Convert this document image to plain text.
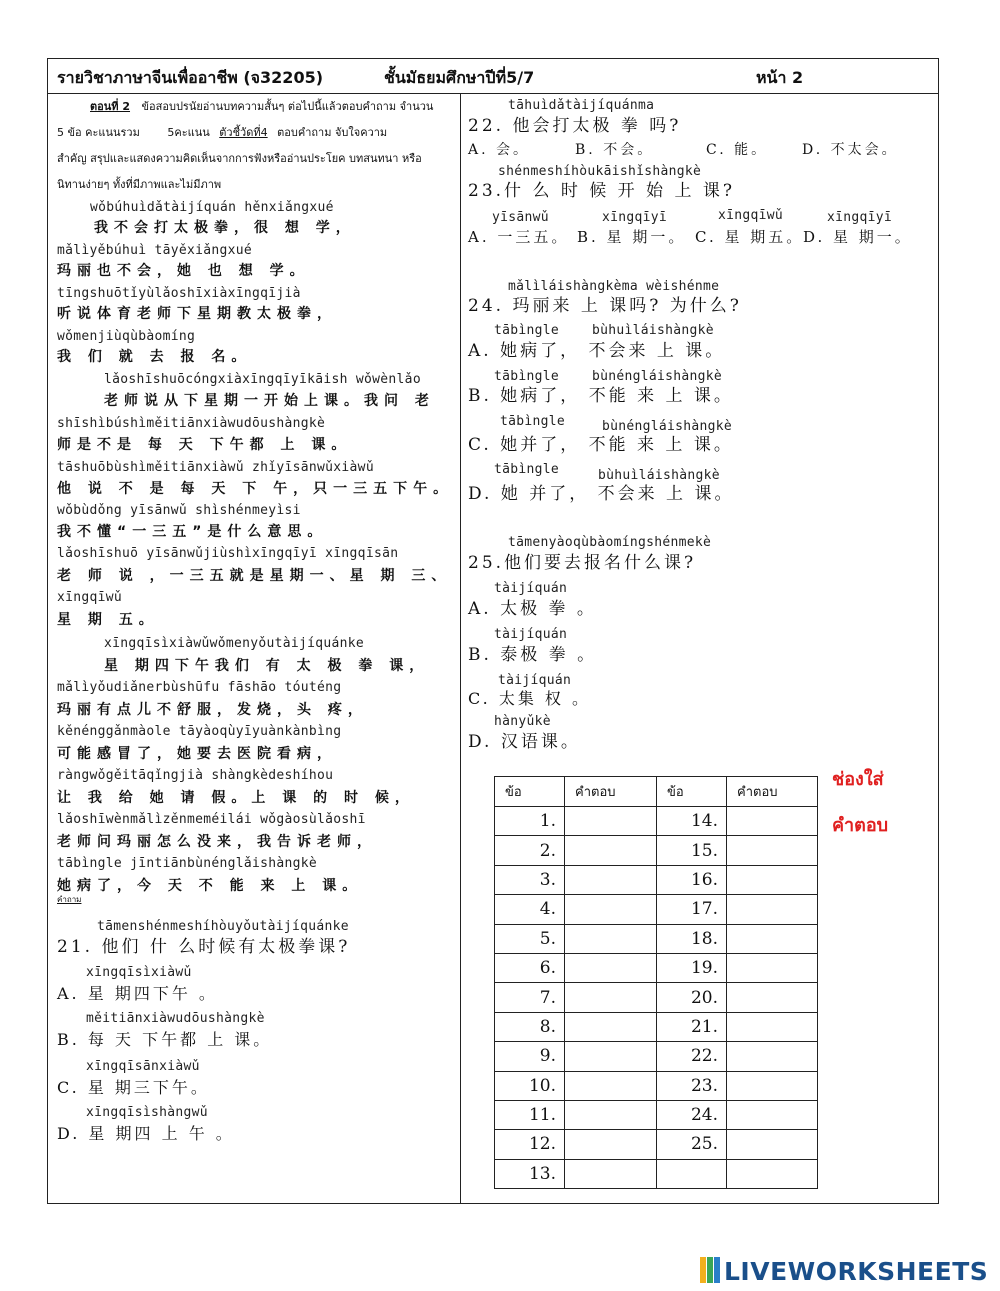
รายวิชาภาษาจีนเพื่ออาชีพ (จ32205)	ชั้นมัธยมศึกษาปีที่5/7	หน้า 2
ตอนที่ 2 ข้อสอบปรนัยอ่านบทความสั้นๆ ต่อไปนี้แล้วตอบคำถาม จำนวน
5 ข้อ คะแนนรวม	5คะแนน ตัวชี้วัดที่4 ตอบคำถาม จับใจความ
สำคัญ สรุปและแสดงความคิดเห็นจากการฟังหรืออ่านประโยค บทสนทนา หรือ
นิทานง่ายๆ ทั้งที่มีภาพและไม่มีภาพ
wǒbúhuìdǎtàijíquán hěnxiǎngxué
我不会打太极拳，很 想 学，
mǎlìyěbúhuì tāyěxiǎngxué
玛丽也不会，她 也 想 学。
tīngshuōtǐyùlǎoshīxiàxīngqījià
听说体育老师下星期教太极拳，
wǒmenjiùqùbàomíng
我 们 就 去 报 名。
lǎoshīshuōcóngxiàxīngqīyīkāish wǒwènlǎo
老师说从下星期一开始上课。我问 老
shīshìbúshìměitiānxiàwudōushàngkè
师是不是 每 天 下午都 上 课。
tāshuōbùshìměitiānxiàwǔ zhǐyīsānwǔxiàwǔ
他 说 不 是 每 天 下 午，只一三五下午。
wǒbùdǒng yīsānwǔ shìshénmeyìsi
我不懂“一三五”是什么意思。
lǎoshīshuō yīsānwǔjiùshìxīngqīyī xīngqīsān
老 师 说 ，一三五就是星期一、星 期 三、
xīngqīwǔ
星 期 五。
xīngqīsìxiàwǔwǒmenyǒutàijíquánke
星 期四下午我们 有 太 极 拳 课，
mǎlìyǒudiǎnerbùshūfu fāshāo tóuténg
玛丽有点儿不舒服，发烧，头 疼，
kěnénggǎnmàole tāyàoqùyīyuànkànbìng
可能感冒了，她要去医院看病，
ràngwǒgěitāqǐngjià shàngkèdeshíhou
让 我 给 她 请 假。上 课 的 时 候，
lǎoshīwènmǎlìzěnmeméilái wǒgàosùlǎoshī
老师问玛丽怎么没来，我告诉老师，
tābìngle jīntiānbùnénglǎishàngkè
她病了，今 天 不 能 来 上 课。
คำถาม
tāmenshénmeshíhòuyǒutàijíquánke
21. 他们 什 么时候有太极拳课?
xīngqīsìxiàwǔ
A. 星 期四下午 。
měitiānxiàwudōushàngkè
B. 每 天 下午都 上 课。
xīngqīsānxiàwǔ
C. 星 期三下午。
xīngqīsìshàngwǔ
D. 星 期四 上 午 。
tāhuìdǎtàijíquánma
22. 他会打太极 拳 吗?
A. 会。	B. 不会。	C. 能。 D. 不太会。
shénmeshíhòukāishǐshàngkè
23.什 么 时 候 开 始 上 课?
yīsānwǔ	xīngqīyī	xīngqīwǔ	xīngqīyī
A. 一三五。 B. 星 期一。 C. 星 期五。
D. 星 期一。
mǎlìláishàngkèma wèishénme
24. 玛丽来 上 课吗? 为什么?
tābìngle	bùhuìláishàngkè
A. 她病了， 不会来 上 课。
tābìngle	bùnéngláishàngkè
B. 她病了， 不能 来 上 课。
tābìngle	bùnéngláishàngkè
C. 她并了， 不能 来 上 课。
tābìngle	bùhuìláishàngkè
D. 她 并了， 不会来 上 课。
tāmenyàoqùbàomíngshénmekè
25.他们要去报名什么课?
tàijíquán
A. 太极 拳 。
tàijíquán
B. 泰极 拳 。
tàijíquán
C. 太集 权 。
hànyǔkè
D. 汉语课。
ข้อ	คำตอบ	ข้อ	คำตอบ
1.		14.	
2.		15.	
3.		16.	
4.		17.	
5.		18.	
6.		19.	
7.		20.	
8.		21.	
9.		22.	
10.		23.	
11.		24.	
12.		25.	
13.			
ช่องใส่
คำตอบ
LIVEWORKSHEETS
